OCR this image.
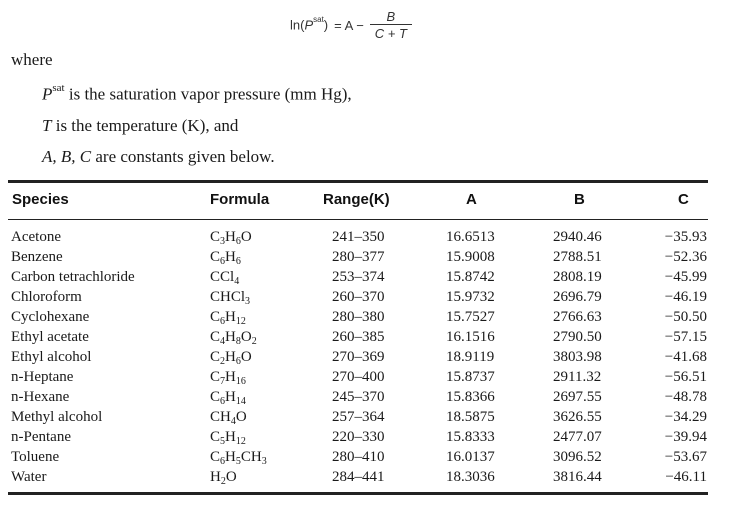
$\ln(P^{sat}) = A - \frac{B}{C + T}$
where
$P^{sat}$ is the saturation vapor pressure (mm Hg),
T is the temperature (K), and
A, B, C are constants given below.
Species	Formula	Range(K)	A	B	C
Acetone	$C_3H_6O$	241–350	16.6513	2940.46	−35.93
Benzene	$C_6H_6$	280–377	15.9008	2788.51	−52.36
Carbon tetrachloride	CCl$_4$	253–374	15.8742	2808.19	−45.99
Chloroform	CHCl$_3$	260–370	15.9732	2696.79	−46.19
Cyclohexane	$C_6H_{12}$	280–380	15.7527	2766.63	−50.50
Ethyl acetate	$C_4H_8O_2$	260–385	16.1516	2790.50	−57.15
Ethyl alcohol	$C_2H_6O$	270–369	18.9119	3803.98	−41.68
n-Heptane	$C_7H_{16}$	270–400	15.8737	2911.32	−56.51
n-Hexane	$C_6H_{14}$	245–370	15.8366	2697.55	−48.78
Methyl alcohol	$CH_4O$	257–364	18.5875	3626.55	−34.29
n-Pentane	$C_5H_{12}$	220–330	15.8333	2477.07	−39.94
Toluene	$C_6H_5CH_3$	280–410	16.0137	3096.52	−53.67
Water	$H_2O$	284–441	18.3036	3816.44	−46.11
